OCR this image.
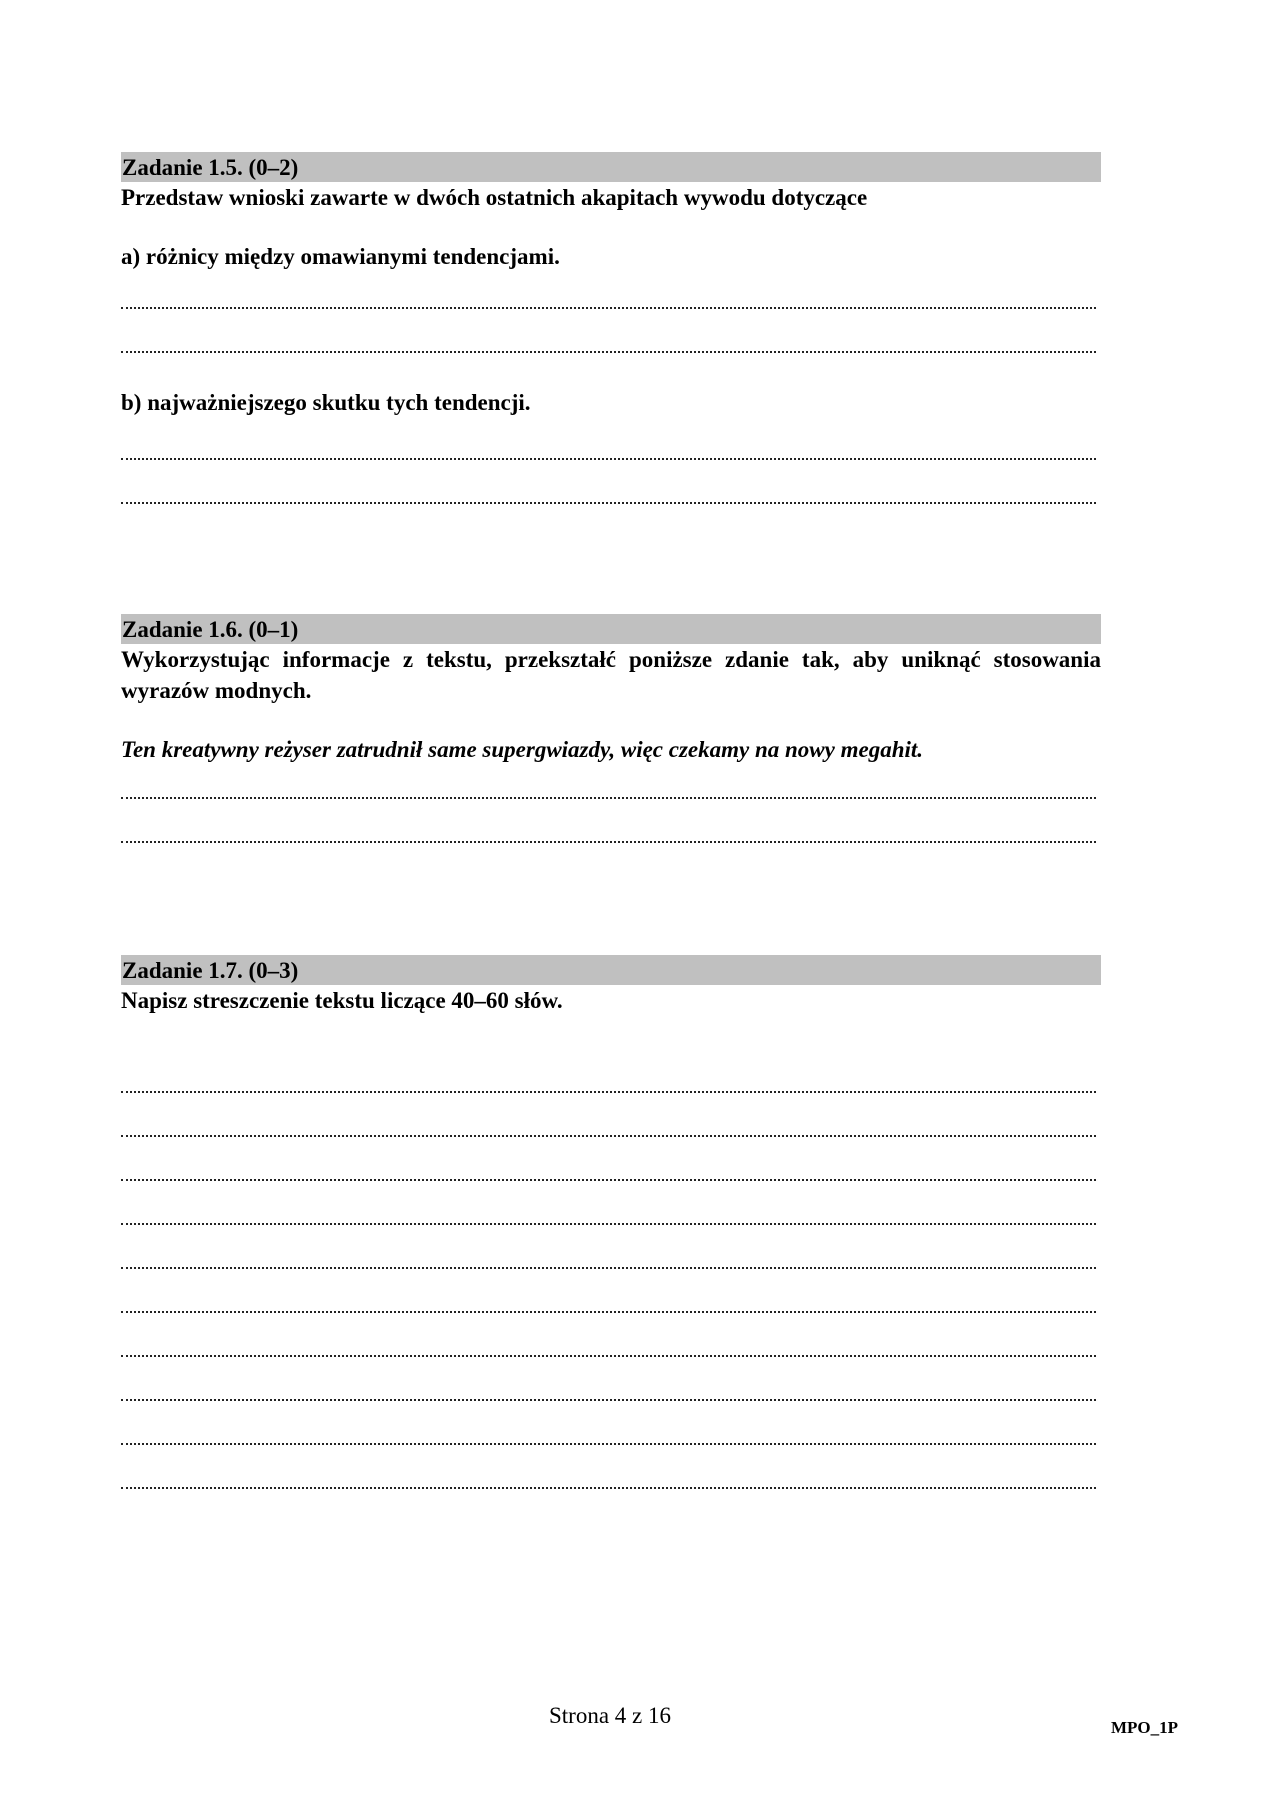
Zadanie 1.5. (0–2)
Przedstaw wnioski zawarte w dwóch ostatnich akapitach wywodu dotyczące
a) różnicy między omawianymi tendencjami.
b) najważniejszego skutku tych tendencji.
Zadanie 1.6. (0–1)
Wykorzystując informacje z tekstu, przekształć poniższe zdanie tak, aby uniknąć stosowania wyrazów modnych.
Ten kreatywny reżyser zatrudnił same supergwiazdy, więc czekamy na nowy megahit.
Zadanie 1.7. (0–3)
Napisz streszczenie tekstu liczące 40–60 słów.
Strona 4 z 16	MPO_1P
